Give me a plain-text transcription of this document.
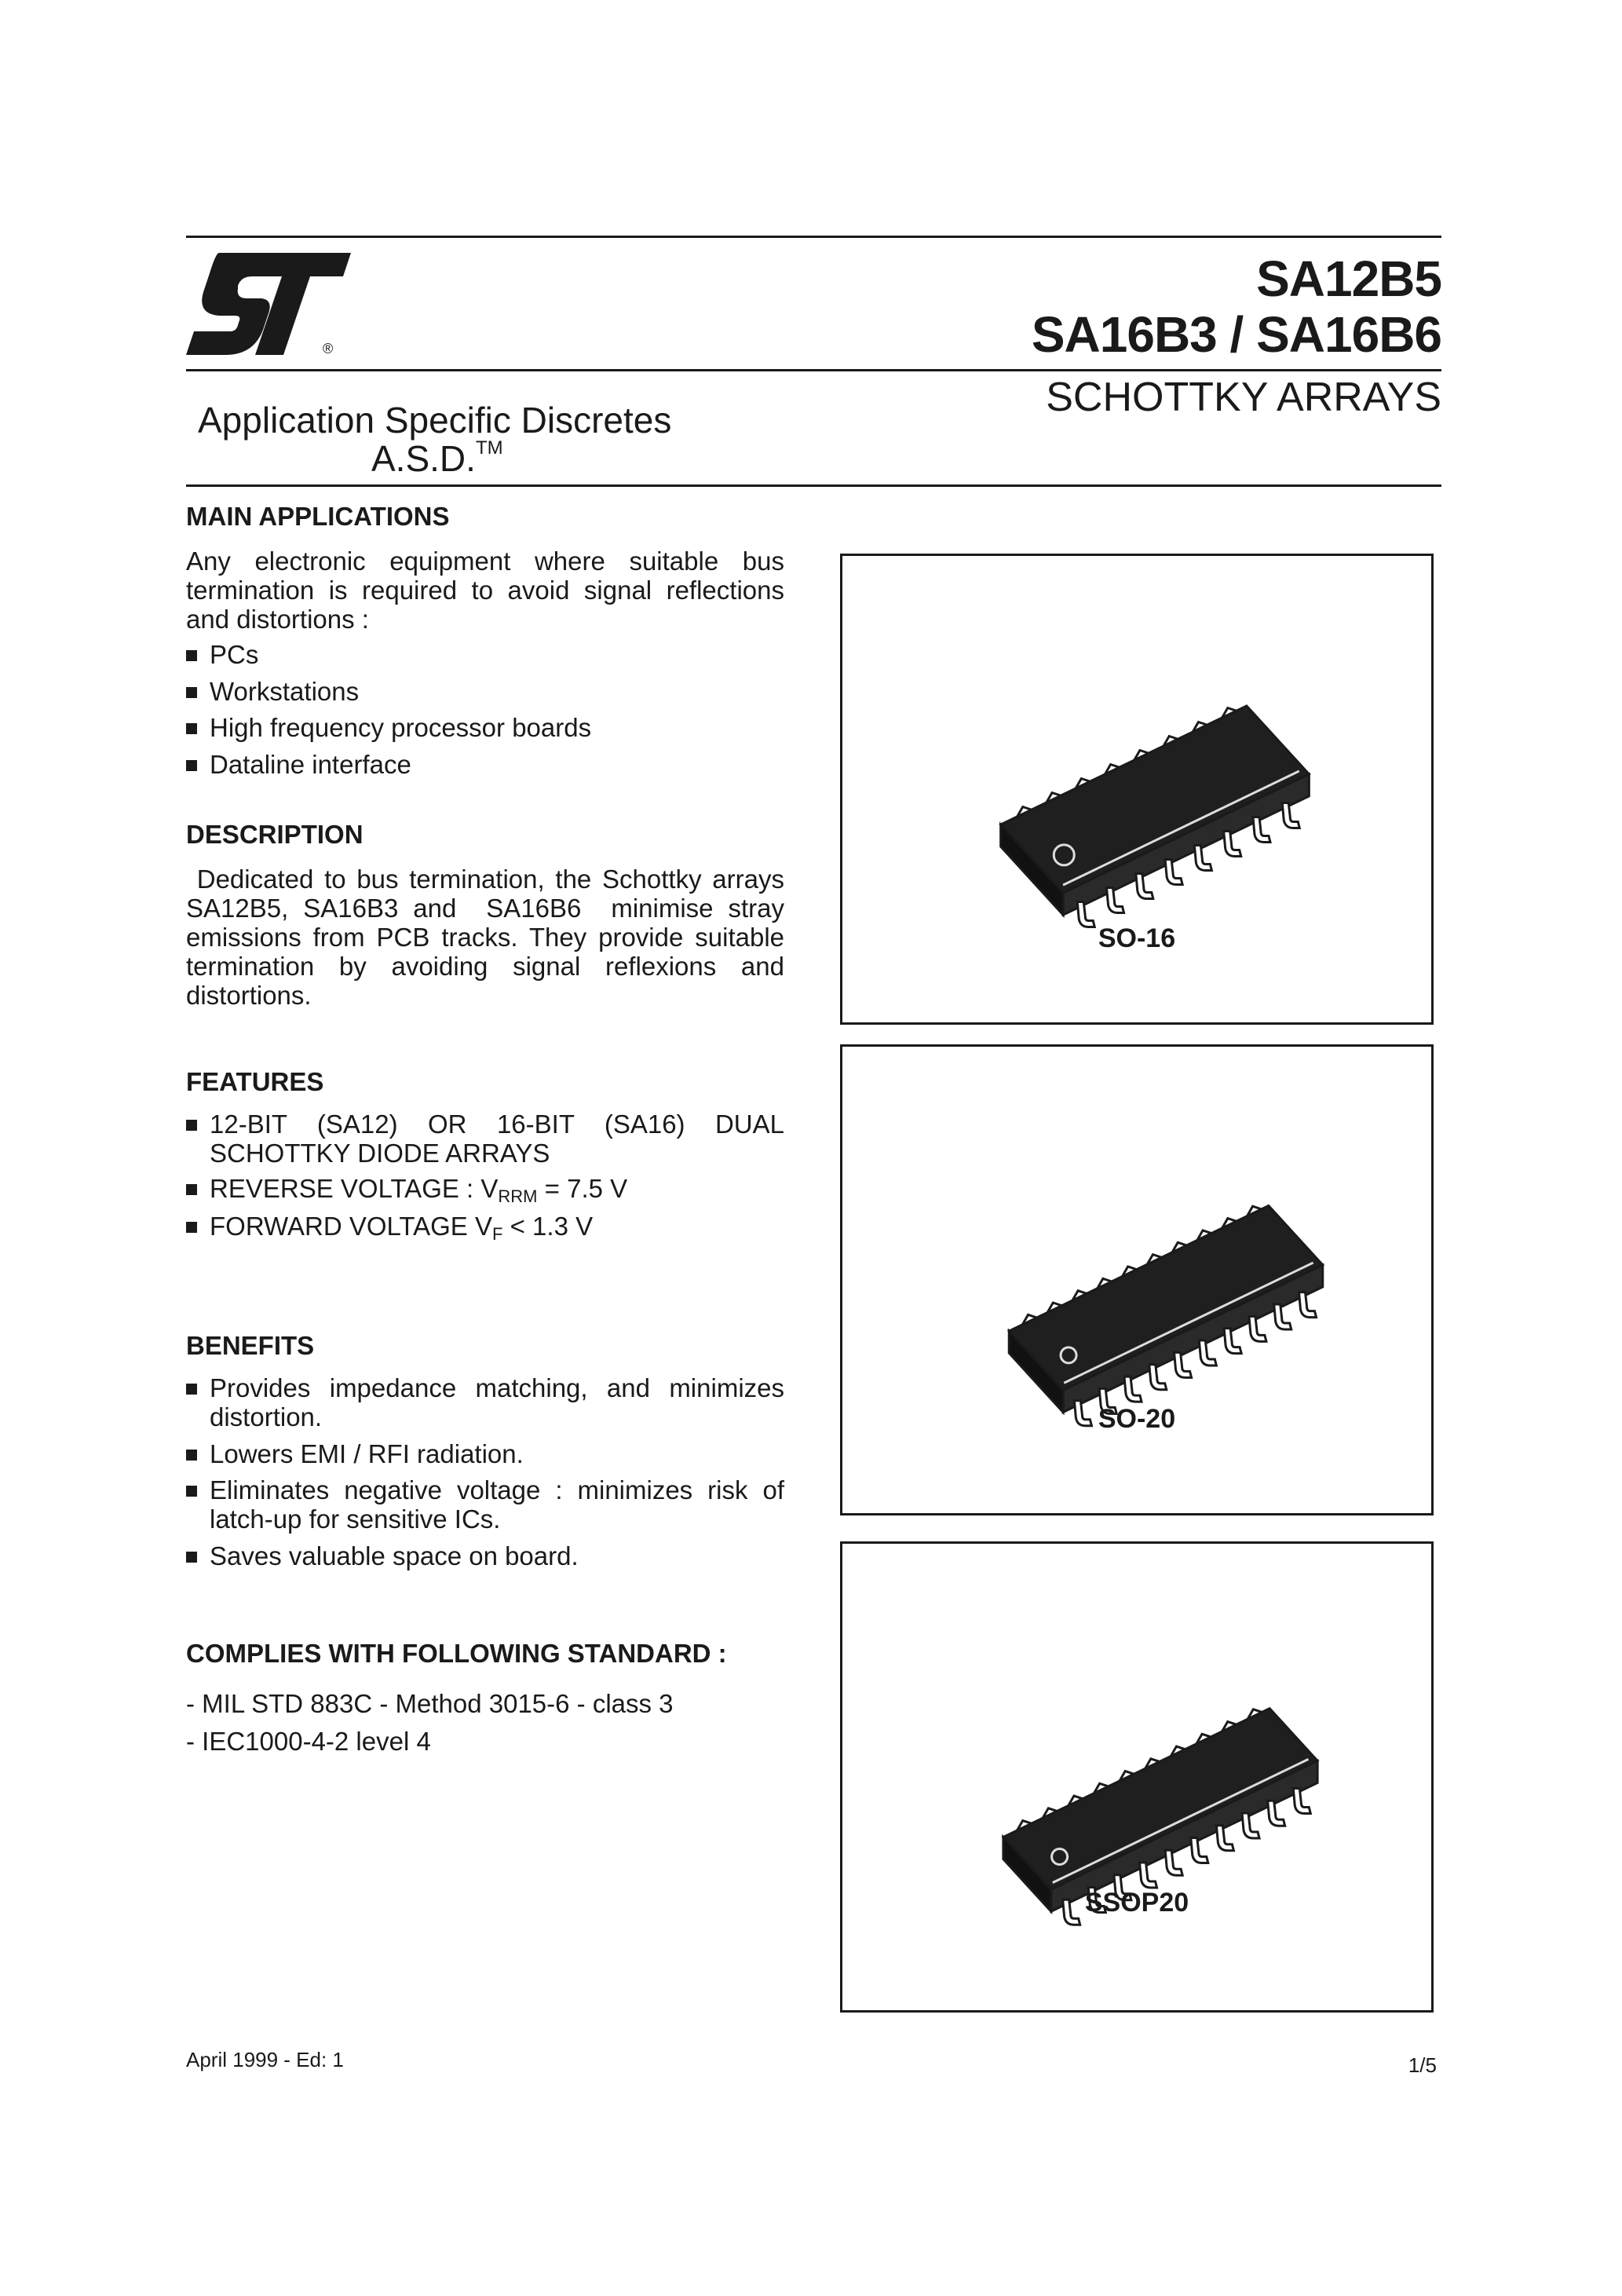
®
SA12B5
SA16B3 / SA16B6
SCHOTTKY ARRAYS
Application Specific Discretes
A.S.D.™
MAIN APPLICATIONS
Any electronic equipment where suitable bus termination is required to avoid signal reflections and distortions :
PCs
Workstations
High frequency processor boards
Dataline interface
DESCRIPTION
Dedicated to bus termination, the Schottky arrays SA12B5, SA16B3 and  SA16B6  minimise stray emissions from PCB tracks. They provide suitable termination  by  avoiding  signal  reflexions  and distortions.
FEATURES
12-BIT (SA12) OR 16-BIT (SA16) DUAL SCHOTTKY DIODE ARRAYS
REVERSE VOLTAGE : $V_{RRM} = 7.5$ V
FORWARD VOLTAGE $V_F < 1.3$ V
BENEFITS
Provides impedance matching, and minimizes distortion.
Lowers EMI / RFI radiation.
Eliminates negative voltage : minimizes risk of latch-up for sensitive ICs.
Saves valuable space on board.
COMPLIES WITH FOLLOWING STANDARD :
- MIL STD 883C - Method 3015-6 - class 3
- IEC1000-4-2 level 4
SO-16
SO-20
SSOP20
April 1999 - Ed: 1	1/5
